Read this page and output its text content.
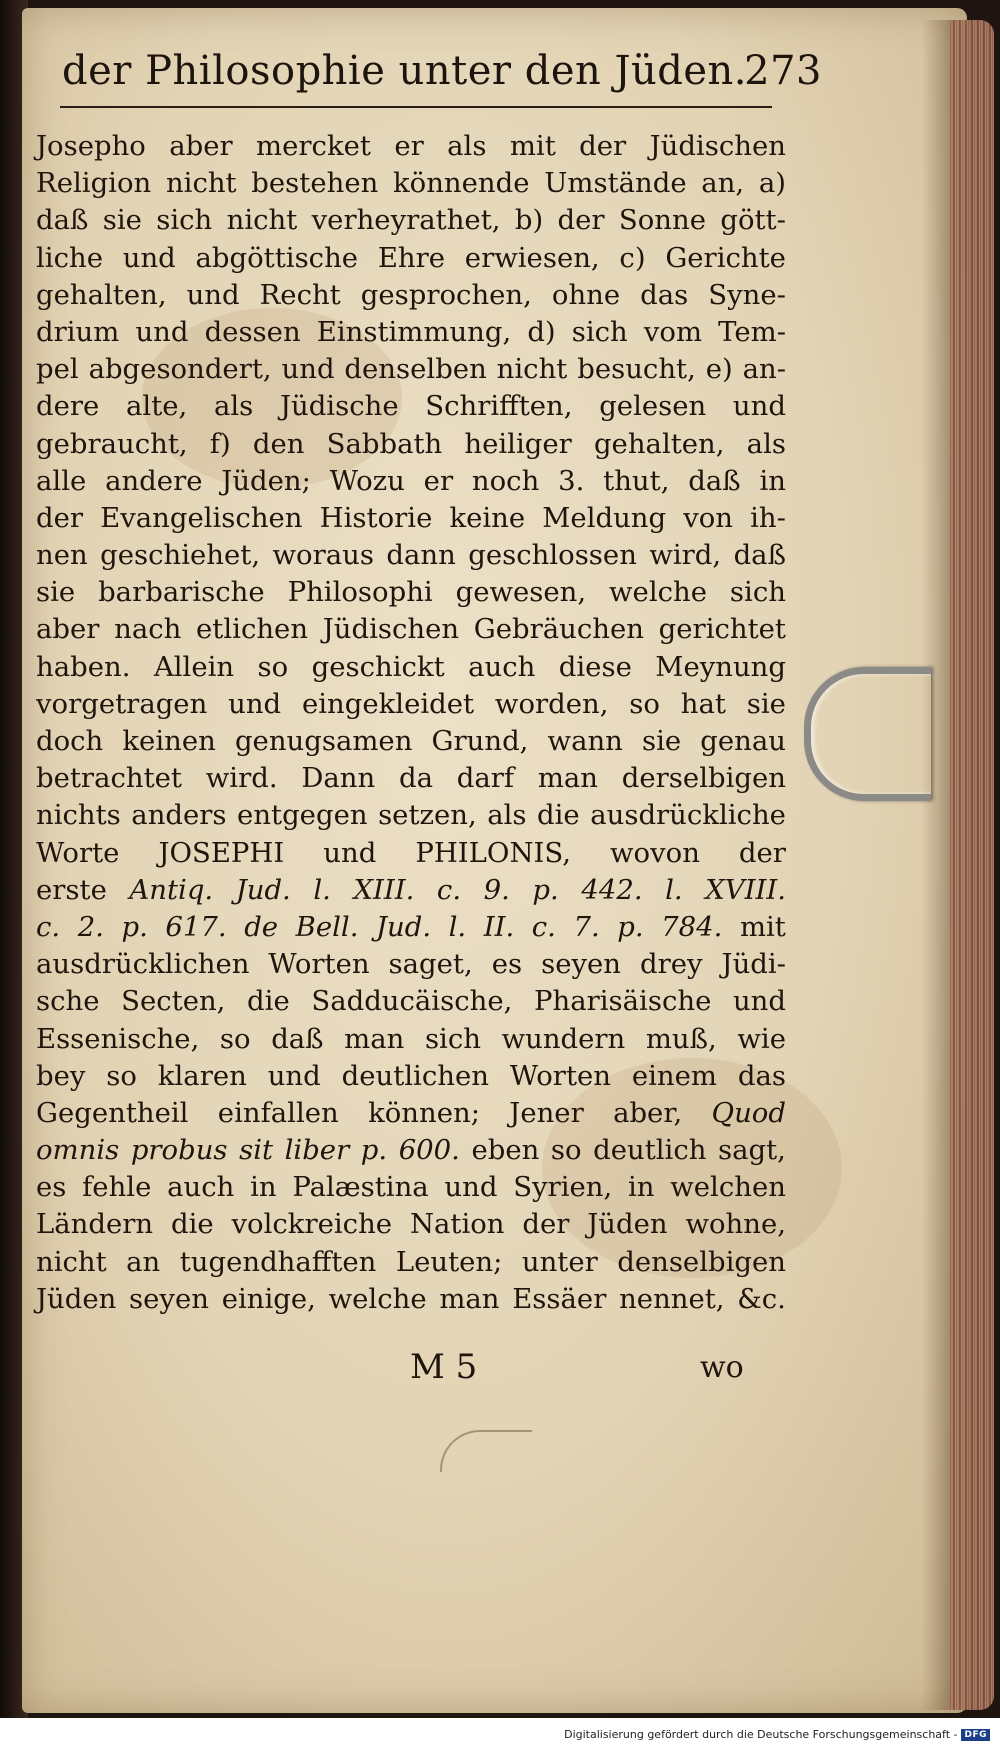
der Philosophie unter den Jüden.
273
Josepho aber mercket er als mit der Jüdischen
Religion nicht bestehen könnende Umstände an, a)
daß sie sich nicht verheyrathet, b) der Sonne gött-
liche und abgöttische Ehre erwiesen, c) Gerichte
gehalten, und Recht gesprochen, ohne das Syne-
drium und dessen Einstimmung, d) sich vom Tem-
pel abgesondert, und denselben nicht besucht, e) an-
dere alte, als Jüdische Schrifften, gelesen und
gebraucht, f) den Sabbath heiliger gehalten, als
alle andere Jüden; Wozu er noch 3. thut, daß in
der Evangelischen Historie keine Meldung von ih-
nen geschiehet, woraus dann geschlossen wird, daß
sie barbarische Philosophi gewesen, welche sich
aber nach etlichen Jüdischen Gebräuchen gerichtet
haben. Allein so geschickt auch diese Meynung
vorgetragen und eingekleidet worden, so hat sie
doch keinen genugsamen Grund, wann sie genau
betrachtet wird. Dann da darf man derselbigen
nichts anders entgegen setzen, als die ausdrückliche
Worte JOSEPHI und PHILONIS, wovon der
erste Antiq. Jud. l. XIII. c. 9. p. 442. l. XVIII.
c. 2. p. 617. de Bell. Jud. l. II. c. 7. p. 784. mit
ausdrücklichen Worten saget, es seyen drey Jüdi-
sche Secten, die Sadducäische, Pharisäische und
Essenische, so daß man sich wundern muß, wie
bey so klaren und deutlichen Worten einem das
Gegentheil einfallen können; Jener aber, Quod
omnis probus sit liber p. 600. eben so deutlich sagt,
es fehle auch in Palæstina und Syrien, in welchen
Ländern die volckreiche Nation der Jüden wohne,
nicht an tugendhafften Leuten; unter denselbigen
Jüden seyen einige, welche man Essäer nennet, &c.
M 5	wo
Digitalisierung gefördert durch die Deutsche Forschungsgemeinschaft - DFG
